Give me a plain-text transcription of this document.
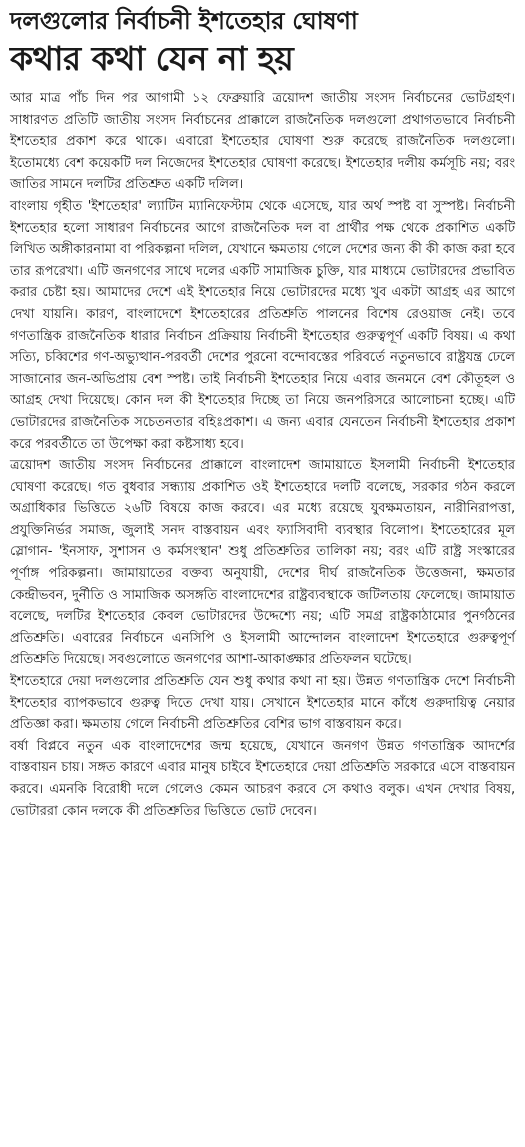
দলগুলোর নির্বাচনী ইশতেহার ঘোষণা
কথার কথা যেন না হয়

আর মাত্র পাঁচ দিন পর আগামী ১২ ফেব্রুয়ারি ত্রয়োদশ জাতীয় সংসদ নির্বাচনের ভোটগ্রহণ। সাধারণত প্রতিটি জাতীয় সংসদ নির্বাচনের প্রাক্কালে রাজনৈতিক দলগুলো প্রথাগতভাবে নির্বাচনী ইশতেহার প্রকাশ করে থাকে। এবারো ইশতেহার ঘোষণা শুরু করেছে রাজনৈতিক দলগুলো। ইতোমধ্যে বেশ কয়েকটি দল নিজেদের ইশতেহার ঘোষণা করেছে। ইশতেহার দলীয় কর্মসূচি নয়; বরং জাতির সামনে দলটির প্রতিশ্রুত একটি দলিল।

বাংলায় গৃহীত 'ইশতেহার' ল্যাটিন ম্যানিফেস্টাম থেকে এসেছে, যার অর্থ স্পষ্ট বা সুস্পষ্ট। নির্বাচনী ইশতেহার হলো সাধারণ নির্বাচনের আগে রাজনৈতিক দল বা প্রার্থীর পক্ষ থেকে প্রকাশিত একটি লিখিত অঙ্গীকারনামা বা পরিকল্পনা দলিল, যেখানে ক্ষমতায় গেলে দেশের জন্য কী কী কাজ করা হবে তার রূপরেখা। এটি জনগণের সাথে দলের একটি সামাজিক চুক্তি, যার মাধ্যমে ভোটারদের প্রভাবিত করার চেষ্টা হয়। আমাদের দেশে এই ইশতেহার নিয়ে ভোটারদের মধ্যে খুব একটা আগ্রহ এর আগে দেখা যায়নি। কারণ, বাংলাদেশে ইশতেহারের প্রতিশ্রুতি পালনের বিশেষ রেওয়াজ নেই। তবে গণতান্ত্রিক রাজনৈতিক ধারার নির্বাচন প্রক্রিয়ায় নির্বাচনী ইশতেহার গুরুত্বপূর্ণ একটি বিষয়। এ কথা সত্যি, চব্বিশের গণ-অভ্যুত্থান-পরবর্তী দেশের পুরনো বন্দোবস্তের পরিবর্তে নতুনভাবে রাষ্ট্রযন্ত্র ঢেলে সাজানোর জন-অভিপ্রায় বেশ স্পষ্ট। তাই নির্বাচনী ইশতেহার নিয়ে এবার জনমনে বেশ কৌতূহল ও আগ্রহ দেখা দিয়েছে। কোন দল কী ইশতেহার দিচ্ছে তা নিয়ে জনপরিসরে আলোচনা হচ্ছে। এটি ভোটারদের রাজনৈতিক সচেতনতার বহিঃপ্রকাশ। এ জন্য এবার যেনতেন নির্বাচনী ইশতেহার প্রকাশ করে পরবর্তীতে তা উপেক্ষা করা কষ্টসাধ্য হবে।

ত্রয়োদশ জাতীয় সংসদ নির্বাচনের প্রাক্কালে বাংলাদেশ জামায়াতে ইসলামী নির্বাচনী ইশতেহার ঘোষণা করেছে। গত বুধবার সন্ধ্যায় প্রকাশিত ওই ইশতেহারে দলটি বলেছে, সরকার গঠন করলে অগ্রাধিকার ভিত্তিতে ২৬টি বিষয়ে কাজ করবে। এর মধ্যে রয়েছে যুবক্ষমতায়ন, নারীনিরাপত্তা, প্রযুক্তিনির্ভর সমাজ, জুলাই সনদ বাস্তবায়ন এবং ফ্যাসিবাদী ব্যবস্থার বিলোপ। ইশতেহারের মূল স্লোগান- 'ইনসাফ, সুশাসন ও কর্মসংস্থান' শুধু প্রতিশ্রুতির তালিকা নয়; বরং এটি রাষ্ট্র সংস্কারের পূর্ণাঙ্গ পরিকল্পনা। জামায়াতের বক্তব্য অনুযায়ী, দেশের দীর্ঘ রাজনৈতিক উত্তেজনা, ক্ষমতার কেন্দ্রীভবন, দুর্নীতি ও সামাজিক অসঙ্গতি বাংলাদেশের রাষ্ট্রব্যবস্থাকে জটিলতায় ফেলেছে। জামায়াত বলেছে, দলটির ইশতেহার কেবল ভোটারদের উদ্দেশ্যে নয়; এটি সমগ্র রাষ্ট্রকাঠামোর পুনর্গঠনের প্রতিশ্রুতি। এবারের নির্বাচনে এনসিপি ও ইসলামী আন্দোলন বাংলাদেশ ইশতেহারে গুরুত্বপূর্ণ প্রতিশ্রুতি দিয়েছে। সবগুলোতে জনগণের আশা-আকাঙ্ক্ষার প্রতিফলন ঘটেছে।

ইশতেহারে দেয়া দলগুলোর প্রতিশ্রুতি যেন শুধু কথার কথা না হয়। উন্নত গণতান্ত্রিক দেশে নির্বাচনী ইশতেহার ব্যাপকভাবে গুরুত্ব দিতে দেখা যায়। সেখানে ইশতেহার মানে কাঁধে গুরুদায়িত্ব নেয়ার প্রতিজ্ঞা করা। ক্ষমতায় গেলে নির্বাচনী প্রতিশ্রুতির বেশির ভাগ বাস্তবায়ন করে।

বর্ষা বিপ্লবে নতুন এক বাংলাদেশের জন্ম হয়েছে, যেখানে জনগণ উন্নত গণতান্ত্রিক আদর্শের বাস্তবায়ন চায়। সঙ্গত কারণে এবার মানুষ চাইবে ইশতেহারে দেয়া প্রতিশ্রুতি সরকারে এসে বাস্তবায়ন করবে। এমনকি বিরোধী দলে গেলেও কেমন আচরণ করবে সে কথাও বলুক। এখন দেখার বিষয়, ভোটাররা কোন দলকে কী প্রতিশ্রুতির ভিত্তিতে ভোট দেবেন।
